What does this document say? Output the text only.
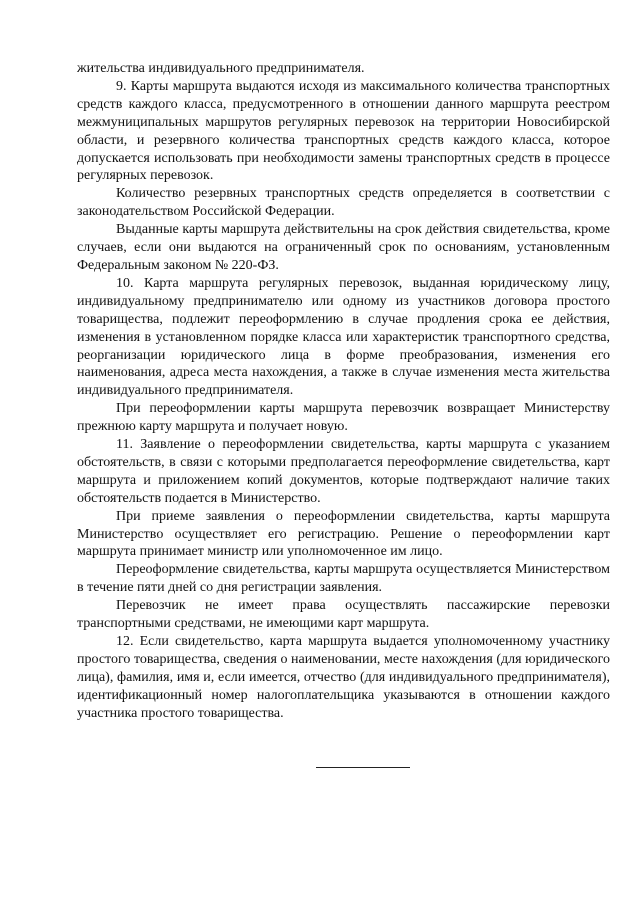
жительства индивидуального предпринимателя.

9. Карты маршрута выдаются исходя из максимального количества транспортных средств каждого класса, предусмотренного в отношении данного маршрута реестром межмуниципальных маршрутов регулярных перевозок на территории Новосибирской области, и резервного количества транспортных средств каждого класса, которое допускается использовать при необходимости замены транспортных средств в процессе регулярных перевозок.

Количество резервных транспортных средств определяется в соответствии с законодательством Российской Федерации.

Выданные карты маршрута действительны на срок действия свидетельства, кроме случаев, если они выдаются на ограниченный срок по основаниям, установленным Федеральным законом № 220-ФЗ.

10. Карта маршрута регулярных перевозок, выданная юридическому лицу, индивидуальному предпринимателю или одному из участников договора простого товарищества, подлежит переоформлению в случае продления срока ее действия, изменения в установленном порядке класса или характеристик транспортного средства, реорганизации юридического лица в форме преобразования, изменения его наименования, адреса места нахождения, а также в случае изменения места жительства индивидуального предпринимателя.

При переоформлении карты маршрута перевозчик возвращает Министерству прежнюю карту маршрута и получает новую.

11. Заявление о переоформлении свидетельства, карты маршрута с указанием обстоятельств, в связи с которыми предполагается переоформление свидетельства, карт маршрута и приложением копий документов, которые подтверждают наличие таких обстоятельств подается в Министерство.

При приеме заявления о переоформлении свидетельства, карты маршрута Министерство осуществляет его регистрацию. Решение о переоформлении карт маршрута принимает министр или уполномоченное им лицо.

Переоформление свидетельства, карты маршрута осуществляется Министерством в течение пяти дней со дня регистрации заявления.

Перевозчик не имеет права осуществлять пассажирские перевозки транспортными средствами, не имеющими карт маршрута.

12. Если свидетельство, карта маршрута выдается уполномоченному участнику простого товарищества, сведения о наименовании, месте нахождения (для юридического лица), фамилия, имя и, если имеется, отчество (для индивидуального предпринимателя), идентификационный номер налогоплательщика указываются в отношении каждого участника простого товарищества.
